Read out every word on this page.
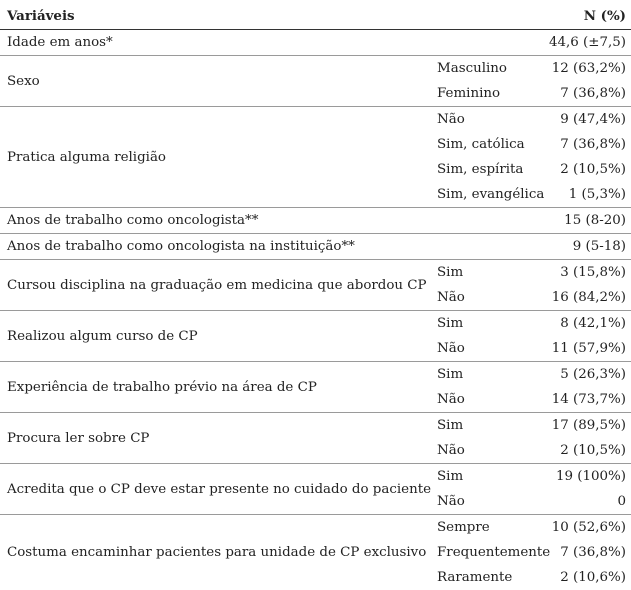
Variáveis		N (%)
Idade em anos*		44,6 (±7,5)
Sexo	Masculino	12 (63,2%)
	Feminino	7 (36,8%)
Pratica alguma religião	Não	9 (47,4%)
	Sim, católica	7 (36,8%)
	Sim, espírita	2 (10,5%)
	Sim, evangélica	1 (5,3%)
Anos de trabalho como oncologista**		15 (8-20)
Anos de trabalho como oncologista na instituição**		9 (5-18)
Cursou disciplina na graduação em medicina que abordou CP	Sim	3 (15,8%)
	Não	16 (84,2%)
Realizou algum curso de CP	Sim	8 (42,1%)
	Não	11 (57,9%)
Experiência de trabalho prévio na área de CP	Sim	5 (26,3%)
	Não	14 (73,7%)
Procura ler sobre CP	Sim	17 (89,5%)
	Não	2 (10,5%)
Acredita que o CP deve estar presente no cuidado do paciente	Sim	19 (100%)
	Não	0
Costuma encaminhar pacientes para unidade de CP exclusivo	Sempre	10 (52,6%)
	Frequentemente	7 (36,8%)
	Raramente	2 (10,6%)
